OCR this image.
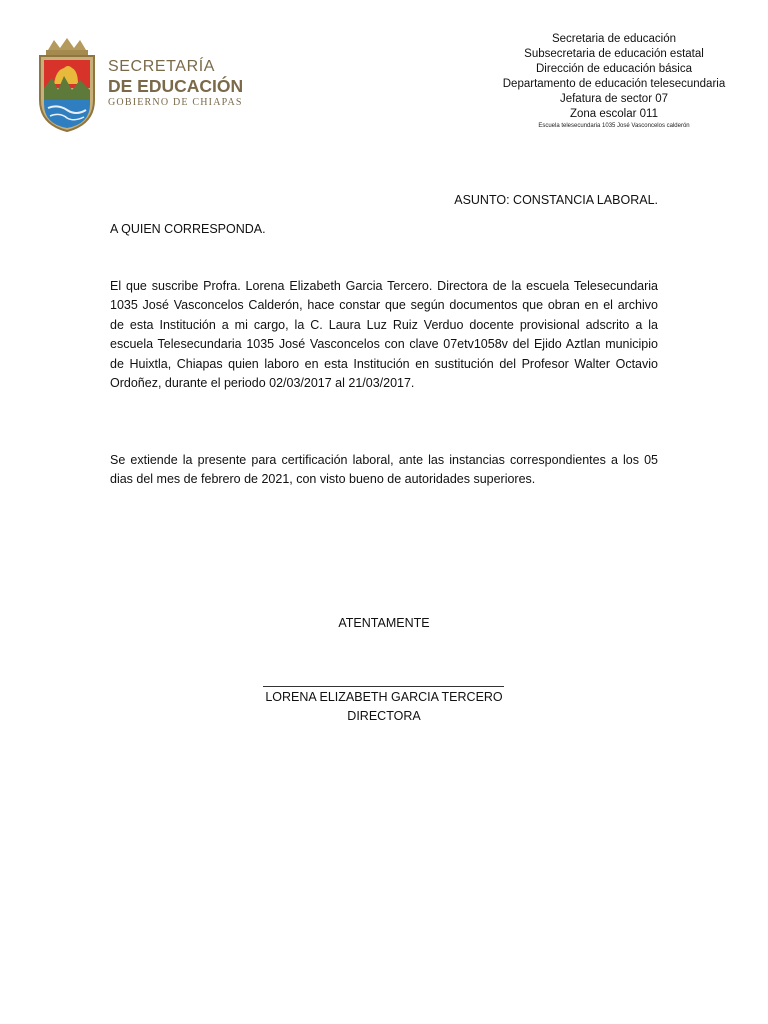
SECRETARÍA
DE EDUCACIÓN
GOBIERNO DE CHIAPAS
Secretaria de educación
Subsecretaria de educación estatal
Dirección de educación básica
Departamento de educación telesecundaria
Jefatura de sector 07
Zona escolar 011
Escuela telesecundaria 1035 José Vasconcelos calderón
ASUNTO: CONSTANCIA LABORAL.
A QUIEN CORRESPONDA.
El que suscribe Profra. Lorena Elizabeth Garcia Tercero. Directora de la escuela Telesecundaria 1035 José Vasconcelos Calderón, hace constar que según documentos que obran en el archivo de esta Institución a mi cargo, la C. Laura Luz Ruiz Verduo docente provisional adscrito a la escuela Telesecundaria 1035 José Vasconcelos con clave 07etv1058v del Ejido Aztlan municipio de Huixtla, Chiapas quien laboro en esta Institución en sustitución del Profesor Walter Octavio Ordoñez, durante el periodo 02/03/2017 al 21/03/2017.
Se extiende la presente para certificación laboral, ante las instancias correspondientes a los 05 dias del mes de febrero de 2021, con visto bueno de autoridades superiores.
ATENTAMENTE
LORENA ELIZABETH GARCIA TERCERO
DIRECTORA
